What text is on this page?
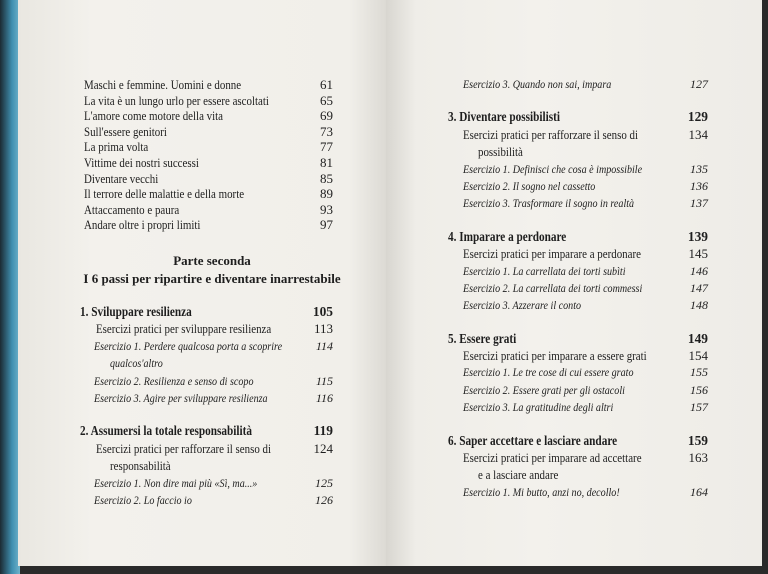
Maschi e femmine. Uomini e donne	61
La vita è un lungo urlo per essere ascoltati	65
L'amore come motore della vita	69
Sull'essere genitori	73
La prima volta	77
Vittime dei nostri successi	81
Diventare vecchi	85
Il terrore delle malattie e della morte	89
Attaccamento e paura	93
Andare oltre i propri limiti	97
Parte seconda
I 6 passi per ripartire e diventare inarrestabile
1. Sviluppare resilienza	105
Esercizi pratici per sviluppare resilienza	113
Esercizio 1. Perdere qualcosa porta a scoprire	114
qualcos'altro
Esercizio 2. Resilienza e senso di scopo	115
Esercizio 3. Agire per sviluppare resilienza	116
2. Assumersi la totale responsabilità	119
Esercizi pratici per rafforzare il senso di	124
responsabilità
Esercizio 1. Non dire mai più «Sì, ma...»	125
Esercizio 2. Lo faccio io	126
Esercizio 3. Quando non sai, impara	127
3. Diventare possibilisti	129
Esercizi pratici per rafforzare il senso di	134
possibilità
Esercizio 1. Definisci che cosa è impossibile	135
Esercizio 2. Il sogno nel cassetto	136
Esercizio 3. Trasformare il sogno in realtà	137
4. Imparare a perdonare	139
Esercizi pratici per imparare a perdonare	145
Esercizio 1. La carrellata dei torti subìti	146
Esercizio 2. La carrellata dei torti commessi	147
Esercizio 3. Azzerare il conto	148
5. Essere grati	149
Esercizi pratici per imparare a essere grati	154
Esercizio 1. Le tre cose di cui essere grato	155
Esercizio 2. Essere grati per gli ostacoli	156
Esercizio 3. La gratitudine degli altri	157
6. Saper accettare e lasciare andare	159
Esercizi pratici per imparare ad accettare	163
e a lasciare andare
Esercizio 1. Mi butto, anzi no, decollo!	164
